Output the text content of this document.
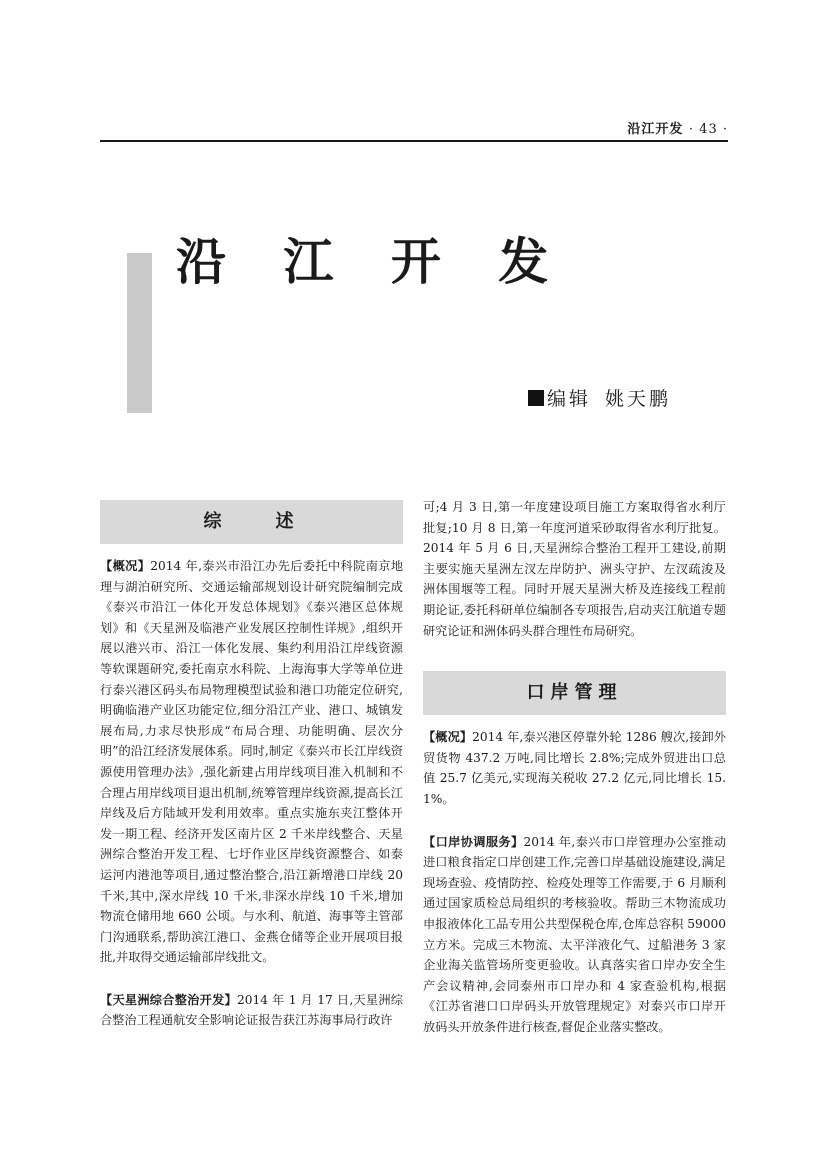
沿江开发 · 43 ·
沿 江 开 发
编辑 姚天鹏
综	述

【概况】2014 年,泰兴市沿江办先后委托中科院南京地理与湖泊研究所、交通运输部规划设计研究院编制完成《泰兴市沿江一体化开发总体规划》《泰兴港区总体规划》和《天星洲及临港产业发展区控制性详规》,组织开展以港兴市、沿江一体化发展、集约利用沿江岸线资源等软课题研究,委托南京水科院、上海海事大学等单位进行泰兴港区码头布局物理模型试验和港口功能定位研究,明确临港产业区功能定位,细分沿江产业、港口、城镇发展布局,力求尽快形成“布局合理、功能明确、层次分明”的沿江经济发展体系。同时,制定《泰兴市长江岸线资源使用管理办法》,强化新建占用岸线项目准入机制和不合理占用岸线项目退出机制,统筹管理岸线资源,提高长江岸线及后方陆域开发利用效率。重点实施东夹江整体开发一期工程、经济开发区南片区 2 千米岸线整合、天星洲综合整治开发工程、七圩作业区岸线资源整合、如泰运河内港池等项目,通过整治整合,沿江新增港口岸线 20 千米,其中,深水岸线 10 千米,非深水岸线 10 千米,增加物流仓储用地 660 公顷。与水利、航道、海事等主管部门沟通联系,帮助滨江港口、金燕仓储等企业开展项目报批,并取得交通运输部岸线批文。

【天星洲综合整治开发】2014 年 1 月 17 日,天星洲综合整治工程通航安全影响论证报告获江苏海事局行政许

可;4 月 3 日,第一年度建设项目施工方案取得省水利厅批复;10 月 8 日,第一年度河道采砂取得省水利厅批复。2014 年 5 月 6 日,天星洲综合整治工程开工建设,前期主要实施天星洲左汊左岸防护、洲头守护、左汊疏浚及洲体围堰等工程。同时开展天星洲大桥及连接线工程前期论证,委托科研单位编制各专项报告,启动夹江航道专题研究论证和洲体码头群合理性布局研究。

口岸管理

【概况】2014 年,泰兴港区停靠外轮 1286 艘次,接卸外贸货物 437.2 万吨,同比增长 2.8%;完成外贸进出口总值 25.7 亿美元,实现海关税收 27.2 亿元,同比增长 15.1%。

【口岸协调服务】2014 年,泰兴市口岸管理办公室推动进口粮食指定口岸创建工作,完善口岸基础设施建设,满足现场查验、疫情防控、检疫处理等工作需要,于 6 月顺利通过国家质检总局组织的考核验收。帮助三木物流成功申报液体化工品专用公共型保税仓库,仓库总容积 59000 立方米。完成三木物流、太平洋液化气、过船港务 3 家企业海关监管场所变更验收。认真落实省口岸办安全生产会议精神,会同泰州市口岸办和 4 家查验机构,根据《江苏省港口口岸码头开放管理规定》对泰兴市口岸开放码头开放条件进行核查,督促企业落实整改。
